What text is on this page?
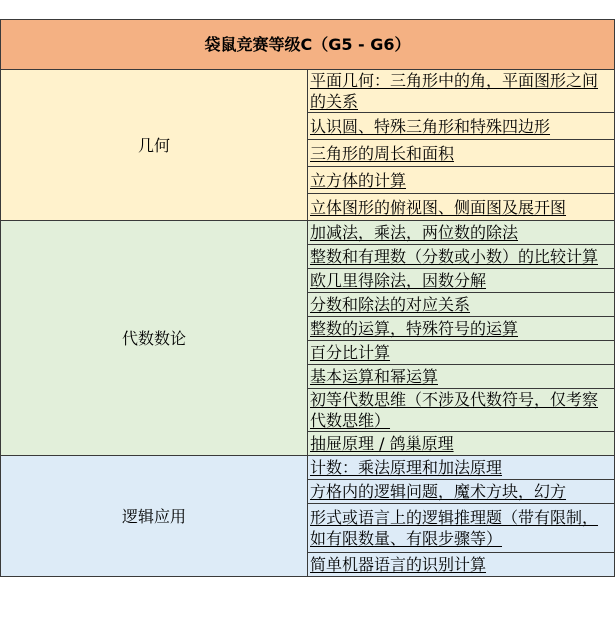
袋鼠竞赛等级C（G5 - G6）	
几何	平面几何：三角形中的角，平面图形之间的关系
	认识圆、特殊三角形和特殊四边形
	三角形的周长和面积
	立方体的计算
	立体图形的俯视图、侧面图及展开图
代数数论	加减法，乘法，两位数的除法
	整数和有理数（分数或小数）的比较计算
	欧几里得除法，因数分解
	分数和除法的对应关系
	整数的运算，特殊符号的运算
	百分比计算
	基本运算和幂运算
	初等代数思维（不涉及代数符号，仅考察代数思维）
	抽屉原理 / 鸽巢原理
逻辑应用	计数：乘法原理和加法原理
	方格内的逻辑问题，魔术方块，幻方
	形式或语言上的逻辑推理题（带有限制，如有限数量、有限步骤等）
	简单机器语言的识别计算
